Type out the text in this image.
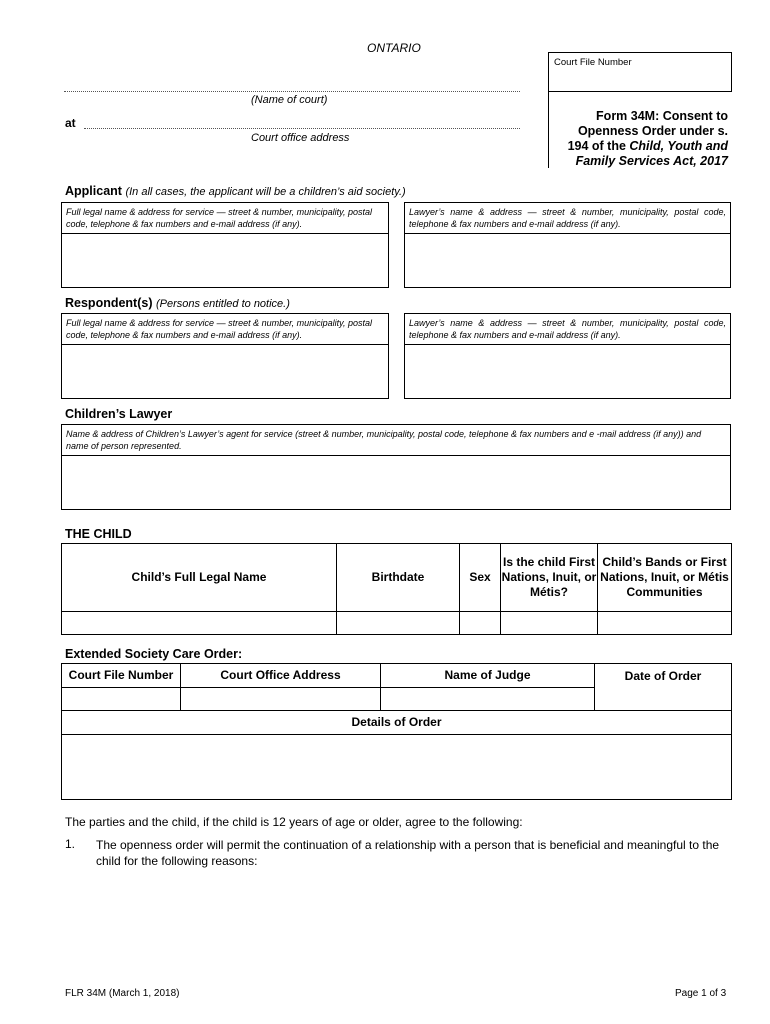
ONTARIO
Court File Number
(Name of court)
at
Court office address
Form 34M: Consent to
Openness Order under s.
194 of the Child, Youth and
Family Services Act, 2017
Applicant (In all cases, the applicant will be a children’s aid society.)
Full legal name & address for service — street & number, municipality, postal code, telephone & fax numbers and e-mail address (if any).
Lawyer’s name & address — street & number, municipality, postal code, telephone & fax numbers and e-mail address (if any).
Respondent(s) (Persons entitled to notice.)
Full legal name & address for service — street & number, municipality, postal code, telephone & fax numbers and e-mail address (if any).
Lawyer’s name & address — street & number, municipality, postal code, telephone & fax numbers and e-mail address (if any).
Children’s Lawyer
Name & address of Children’s Lawyer’s agent for service (street & number, municipality, postal code, telephone & fax numbers and e -mail address (if any)) and name of person represented.
THE CHILD
Child’s Full Legal Name	Birthdate	Sex	Is the child First Nations, Inuit, or Métis?	Child’s Bands or First Nations, Inuit, or Métis Communities

Extended Society Care Order:
Court File Number	Court Office Address	Name of Judge	Date of Order

Details of Order			

The parties and the child, if the child is 12 years of age or older, agree to the following:
1. The openness order will permit the continuation of a relationship with a person that is beneficial and meaningful to the child for the following reasons:
FLR 34M (March 1, 2018)	Page 1 of 3
